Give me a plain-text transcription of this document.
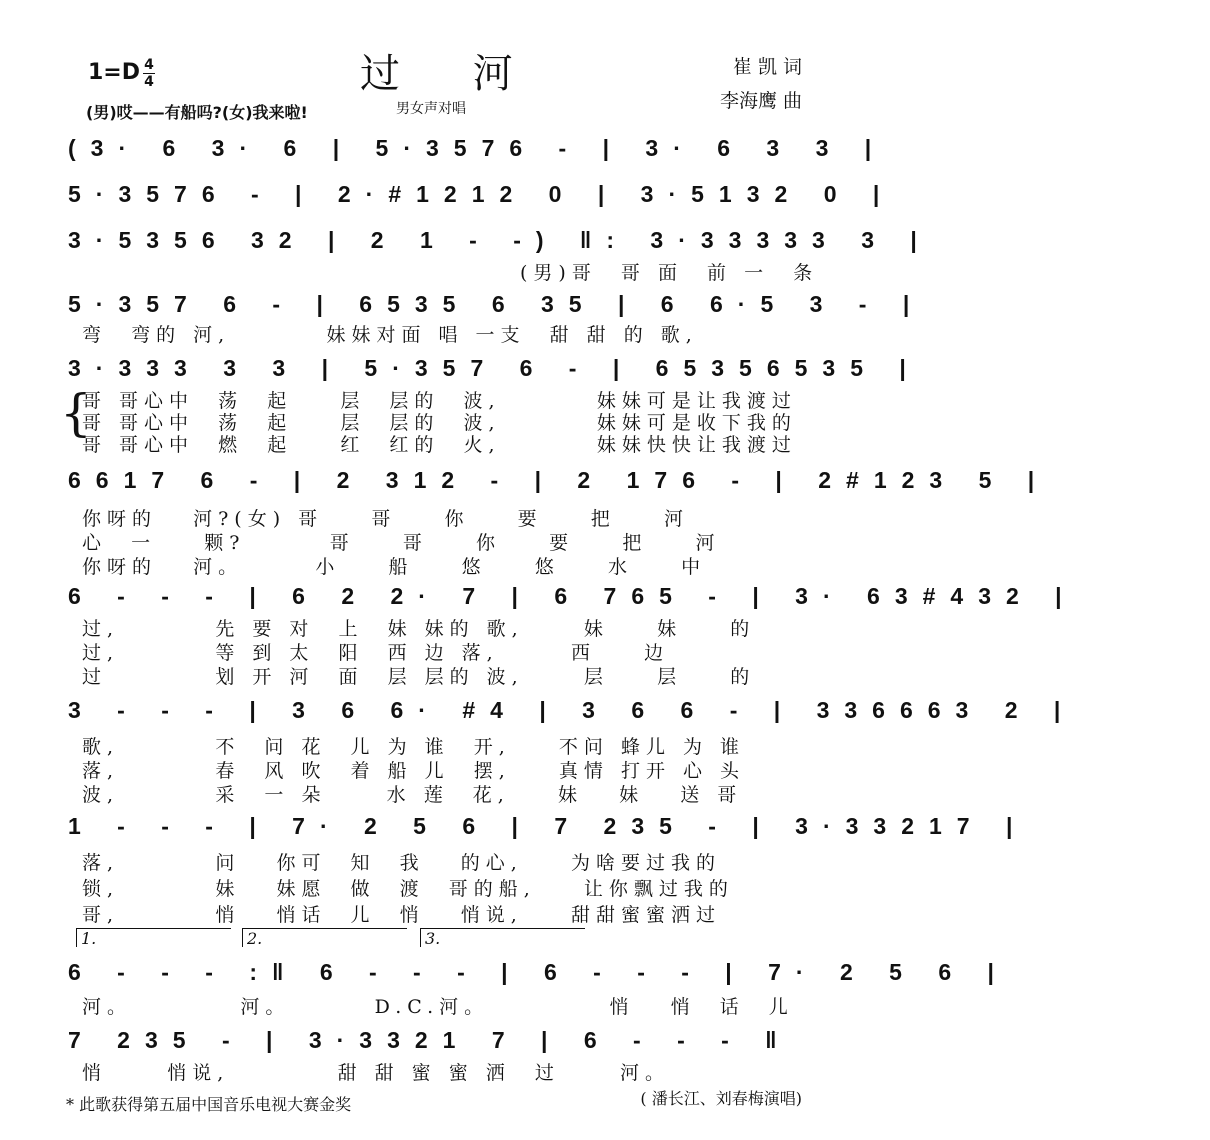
过 河	崔 凯 词
李海鹰 曲
1=D 4
4
(男)哎——有船吗?(女)我来啦!	男女声对唱
(3· 6 3· 6 | 5·3576 - | 3· 6 3 3 |
5·3576 - | 2·#1212 0 | 3·5132 0 |
3·5356 32 | 2 1 - -) ‖: 3·33333 3 |
(男)哥  哥 面  前 一  条
5·357 6 - | 6535 6 35 | 6 6·5 3 - |
弯  弯的 河,        妹妹对面 唱 一支  甜 甜 的 歌,
3·333 3 3 | 5·357 6 - | 65356535 |
{
哥 哥心中  荡  起    层  层的  波,        妹妹可是让我渡过
哥 哥心中  荡  起    层  层的  波,        妹妹可是收下我的
哥 哥心中  燃  起    红  红的  火,        妹妹快快让我渡过
6617 6 - | 2 312 - | 2 176 - | 2#123 5 |
你呀的   河?(女) 哥    哥    你    要    把    河
心  一    颗?       哥    哥    你    要    把    河
你呀的   河。      小    船    悠    悠    水    中
6 - - - | 6 2 2· 7 | 6 765 - | 3· 63#432 |
过,        先 要 对  上  妹 妹的 歌,     妹    妹    的
过,        等 到 太  阳  西 边 落,      西    边
过         划 开 河  面  层 层的 波,     层    层    的
3 - - - | 3 6 6· #4 | 3 6 6 - | 336663 2 |
歌,        不  问 花  儿 为 谁  开,    不问 蜂儿 为 谁
落,        春  风 吹  着 船 儿  摆,    真情 打开 心 头
波,        采  一 朵     水 莲  花,    妹   妹   送 哥
1 - - - | 7· 2 5 6 | 7 235 - | 3·33217 |
落,        问   你可  知  我   的心,    为啥要过我的
锁,        妹   妹愿  做  渡  哥的船,    让你飘过我的
哥,        悄   悄话  儿  悄   悄说,    甜甜蜜蜜洒过
1.	2.	3.
6 - - - :‖ 6 - - - | 6 - - - | 7· 2 5 6 |
河。         河。       D.C.河。          悄   悄  话  儿
7 235 - | 3·3321 7 | 6 - - - ‖
悄     悄说,         甜 甜 蜜 蜜 洒  过     河。
( 潘长江、刘春梅演唱)
* 此歌获得第五届中国音乐电视大赛金奖
